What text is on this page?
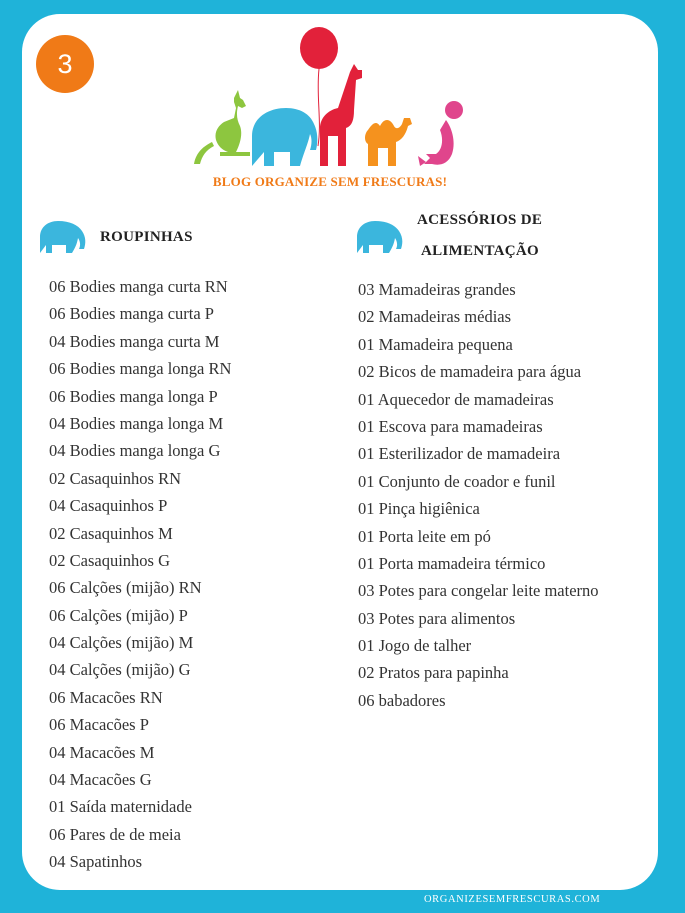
3
BLOG ORGANIZE SEM FRESCURAS!
ROUPINHAS
06 Bodies manga curta RN
06 Bodies manga curta P
04 Bodies manga curta M
06 Bodies manga longa RN
06 Bodies manga longa P
04 Bodies manga longa M
04 Bodies manga longa G
02 Casaquinhos RN
04 Casaquinhos P
02 Casaquinhos M
02 Casaquinhos G
06 Calções (mijão) RN
06 Calções (mijão) P
04 Calções (mijão) M
04 Calções (mijão) G
06 Macacões RN
06 Macacões P
04 Macacões M
04 Macacões G
01 Saída maternidade
06 Pares de de meia
04 Sapatinhos
ACESSÓRIOS DE
ALIMENTAÇÃO
03 Mamadeiras grandes
02 Mamadeiras médias
01 Mamadeira pequena
02 Bicos de mamadeira para água
01 Aquecedor de mamadeiras
01 Escova para mamadeiras
01 Esterilizador de mamadeira
01 Conjunto de coador e funil
01 Pinça higiênica
01 Porta leite em pó
01 Porta mamadeira térmico
03 Potes para congelar leite materno
03 Potes para alimentos
01 Jogo de talher
02 Pratos para papinha
06 babadores
ORGANIZESEMFRESCURAS.COM
